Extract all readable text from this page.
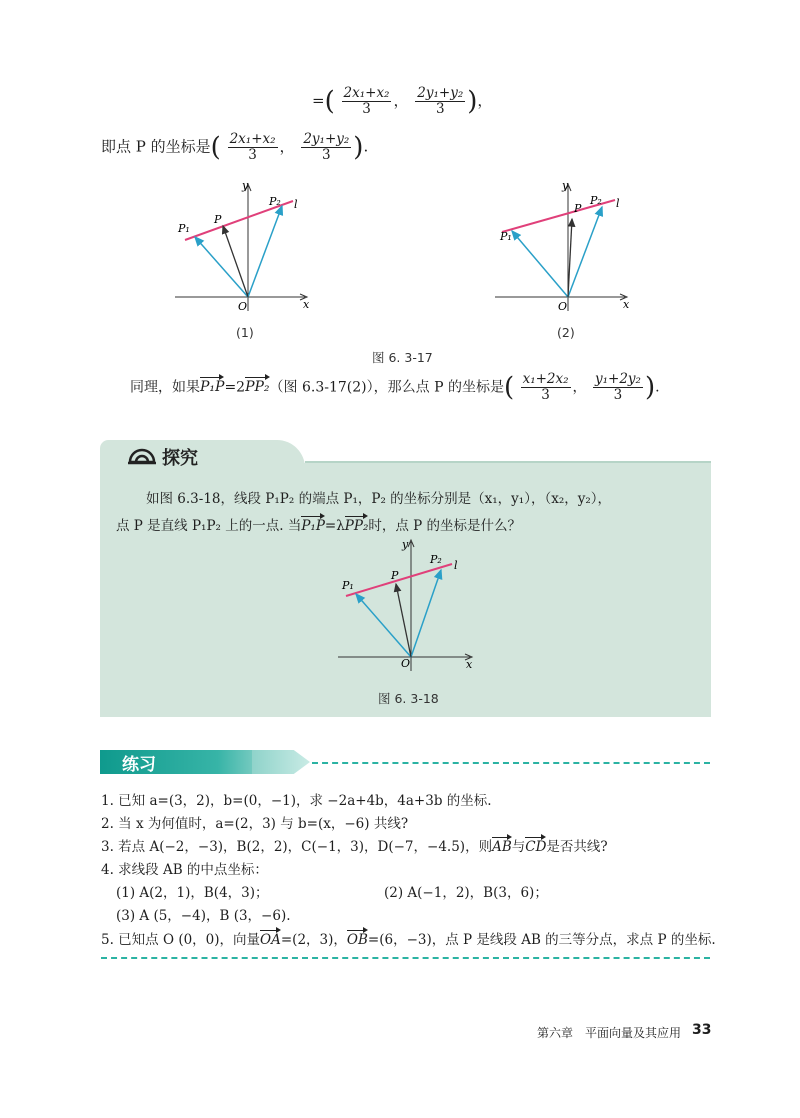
=( $\frac{\text{2x₁+x₂}}{3}$ ， $\frac{\text{2y₁+y₂}}{3}$ )，
即点 P 的坐标是( $\frac{\text{2x₁+x₂}}{3}$ ， $\frac{\text{2y₁+y₂}}{3}$ ).
y
x
O
P
P₁
P₂ l
(1)
y
x
O
P
P₁
P₂ l
(2)
图 6. 3-17
同理，如果P₁P=2PP₂（图 6.3-17(2)），那么点 P 的坐标是( $\frac{\text{x₁+2x₂}}{3}$ ， $\frac{\text{y₁+2y₂}}{3}$ ).
探究
如图 6.3-18，线段 P₁P₂ 的端点 P₁，P₂ 的坐标分别是（x₁，y₁），（x₂，y₂），
点 P 是直线 P₁P₂ 上的一点. 当P₁P=λPP₂时，点 P 的坐标是什么？
y
x
O
P
P₁
P₂ l
图 6. 3-18
练习
1. 已知 a=(3，2)，b=(0，−1)，求 −2a+4b，4a+3b 的坐标.
2. 当 x 为何值时，a=(2，3) 与 b=(x，−6) 共线?
3. 若点 A(−2，−3)，B(2，2)，C(−1，3)，D(−7，−4.5)，则AB与CD是否共线?
4. 求线段 AB 的中点坐标：
(1) A(2，1)，B(4，3)；	(2) A(−1，2)，B(3，6)；
(3) A (5，−4)，B (3，−6).
5. 已知点 O (0，0)，向量OA=(2，3)，OB=(6，−3)，点 P 是线段 AB 的三等分点，求点 P 的坐标.
第六章　平面向量及其应用 33
